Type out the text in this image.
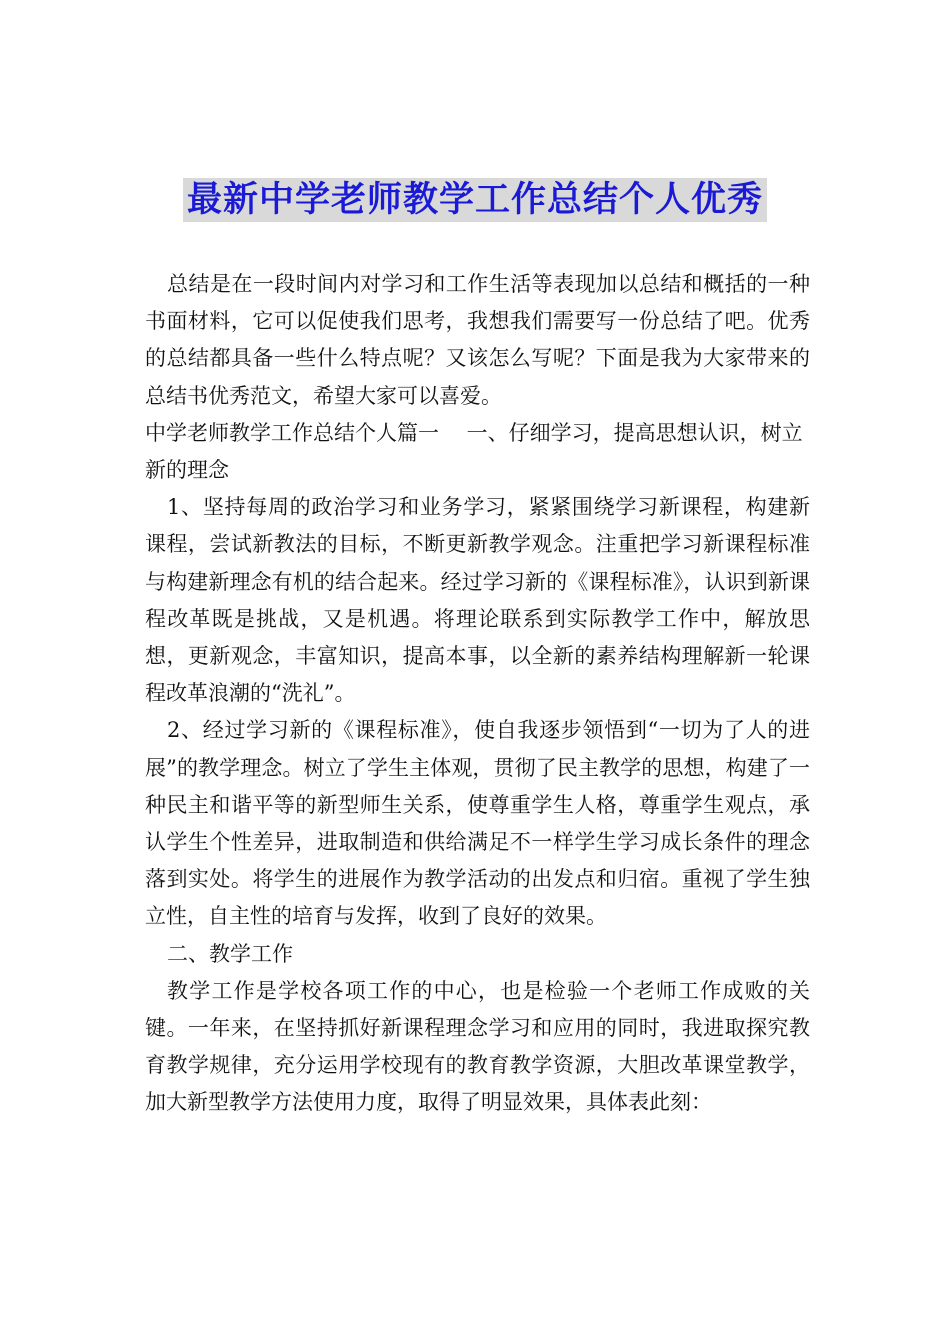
最新中学老师教学工作总结个人优秀

总结是在一段时间内对学习和工作生活等表现加以总结和概括的一种书面材料，它可以促使我们思考，我想我们需要写一份总结了吧。优秀的总结都具备一些什么特点呢？又该怎么写呢？下面是我为大家带来的总结书优秀范文，希望大家可以喜爱。

中学老师教学工作总结个人篇一　 一、仔细学习，提高思想认识，树立新的理念

1、坚持每周的政治学习和业务学习，紧紧围绕学习新课程，构建新课程，尝试新教法的目标，不断更新教学观念。注重把学习新课程标准与构建新理念有机的结合起来。经过学习新的《课程标准》，认识到新课程改革既是挑战，又是机遇。将理论联系到实际教学工作中，解放思想，更新观念，丰富知识，提高本事，以全新的素养结构理解新一轮课程改革浪潮的“洗礼”。

2、经过学习新的《课程标准》，使自我逐步领悟到“一切为了人的进展”的教学理念。树立了学生主体观，贯彻了民主教学的思想，构建了一种民主和谐平等的新型师生关系，使尊重学生人格，尊重学生观点，承认学生个性差异，进取制造和供给满足不一样学生学习成长条件的理念落到实处。将学生的进展作为教学活动的出发点和归宿。重视了学生独立性，自主性的培育与发挥，收到了良好的效果。

二、教学工作

教学工作是学校各项工作的中心，也是检验一个老师工作成败的关键。一年来，在坚持抓好新课程理念学习和应用的同时，我进取探究教育教学规律，充分运用学校现有的教育教学资源，大胆改革课堂教学，加大新型教学方法使用力度，取得了明显效果，具体表此刻：
